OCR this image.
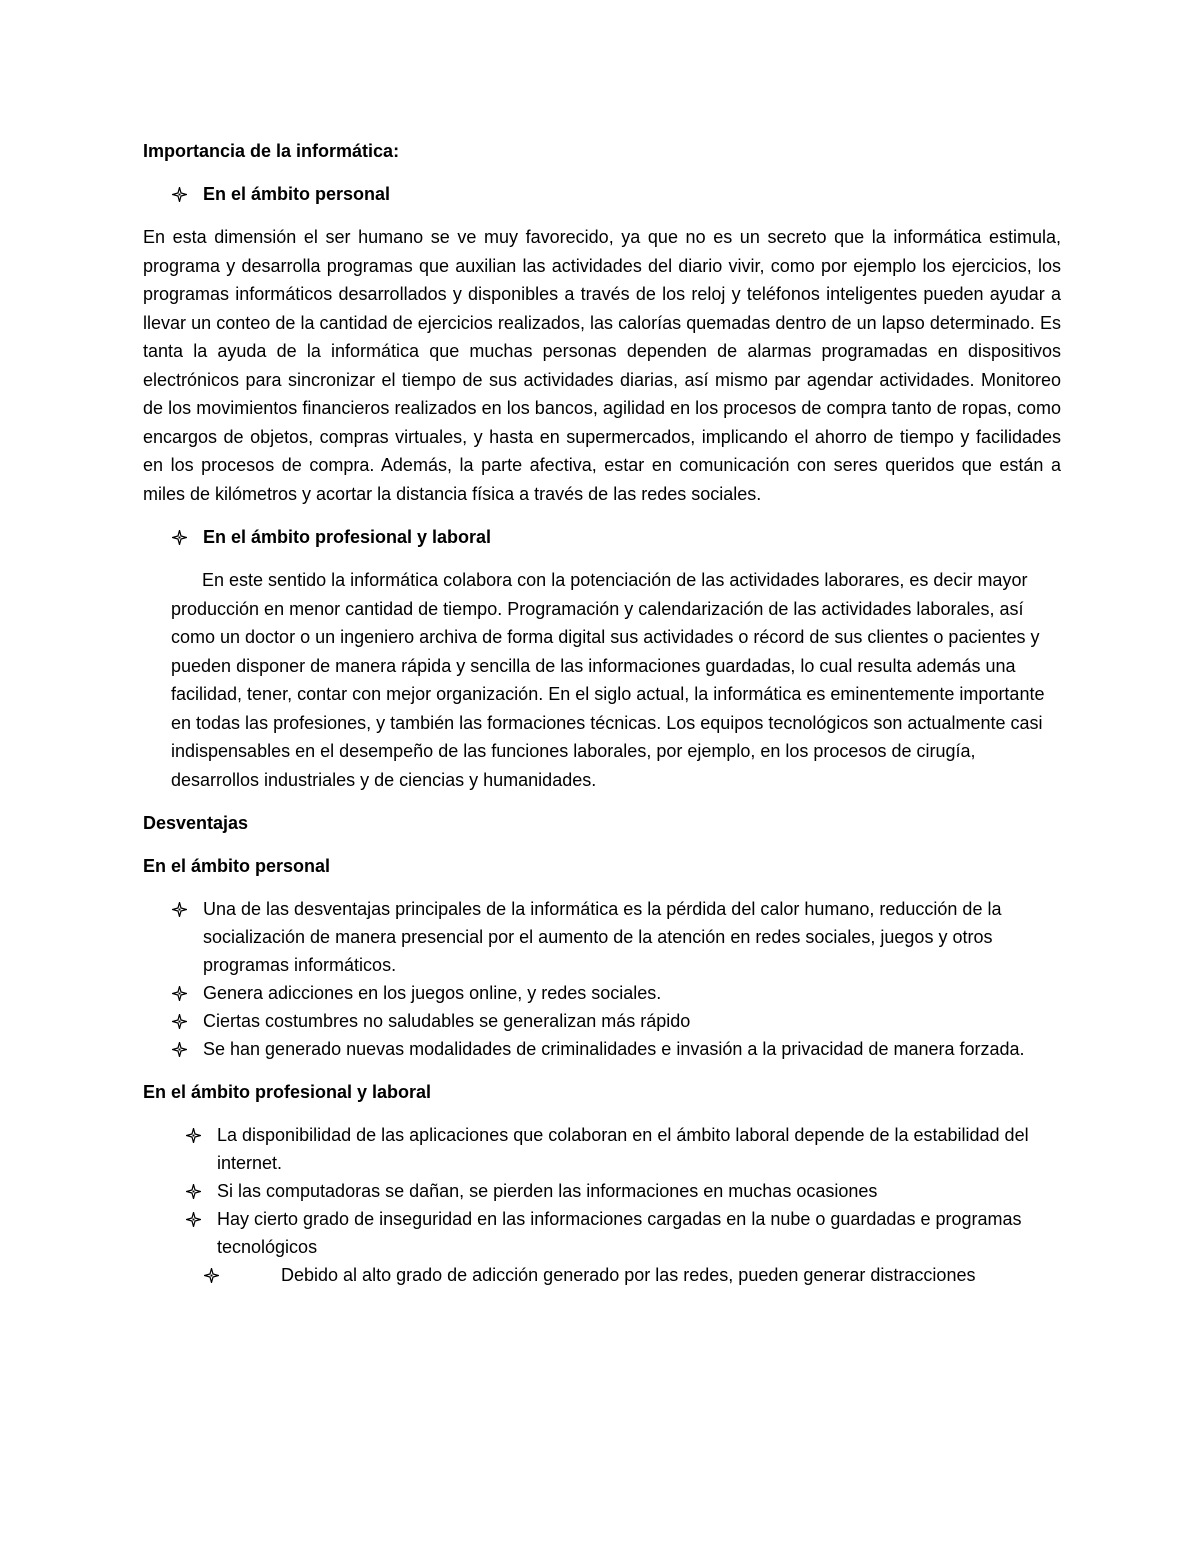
Importancia de la informática:

En el ámbito personal

En esta dimensión el ser humano se ve muy favorecido, ya que no es un secreto que la informática estimula, programa y desarrolla programas que auxilian las actividades del diario vivir, como por ejemplo los ejercicios, los programas informáticos desarrollados y disponibles a través de los reloj y teléfonos inteligentes pueden ayudar a llevar un conteo de la cantidad de ejercicios realizados, las calorías quemadas dentro de un lapso determinado. Es tanta la ayuda de la informática que muchas personas dependen de alarmas programadas en dispositivos electrónicos para sincronizar el tiempo de sus actividades diarias, así mismo par agendar actividades. Monitoreo de los movimientos financieros realizados en los bancos, agilidad en los procesos de compra tanto de ropas, como encargos de objetos, compras virtuales, y hasta en supermercados, implicando el ahorro de tiempo y facilidades en los procesos de compra. Además, la parte afectiva, estar en comunicación con seres queridos que están a miles de kilómetros y acortar la distancia física a través de las redes sociales.

En el ámbito profesional y laboral

En este sentido la informática colabora con la potenciación de las actividades laborares, es decir mayor producción en menor cantidad de tiempo. Programación y calendarización de las actividades laborales, así como un doctor o un ingeniero archiva de forma digital sus actividades o récord de sus clientes o pacientes y pueden disponer de manera rápida y sencilla de las informaciones guardadas, lo cual resulta además una facilidad, tener, contar con mejor organización. En el siglo actual, la informática es eminentemente importante en todas las profesiones, y también las formaciones técnicas. Los equipos tecnológicos son actualmente casi indispensables en el desempeño de las funciones laborales, por ejemplo, en los procesos de cirugía, desarrollos industriales y de ciencias y humanidades.

Desventajas

En el ámbito personal

Una de las desventajas principales de la informática es la pérdida del calor humano, reducción de la socialización de manera presencial por el aumento de la atención en redes sociales, juegos y otros programas informáticos.
Genera adicciones en los juegos online, y redes sociales.
Ciertas costumbres no saludables se generalizan más rápido
Se han generado nuevas modalidades de criminalidades e invasión a la privacidad de manera forzada.

En el ámbito profesional y laboral

La disponibilidad de las aplicaciones que colaboran en el ámbito laboral depende de la estabilidad del internet.
Si las computadoras se dañan, se pierden las informaciones en muchas ocasiones
Hay cierto grado de inseguridad en las informaciones cargadas en la nube o guardadas e programas tecnológicos
Debido al alto grado de adicción generado por las redes, pueden generar distracciones
